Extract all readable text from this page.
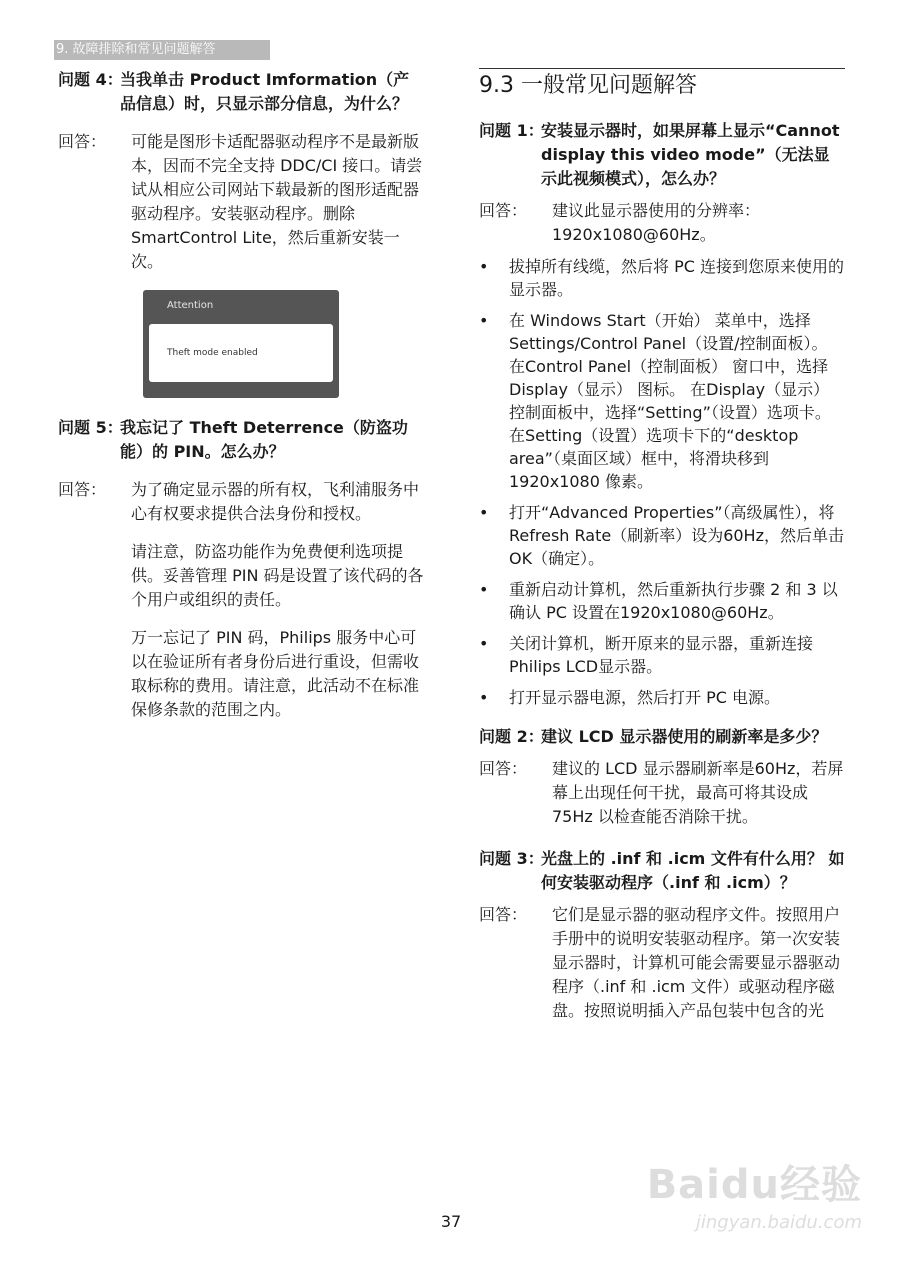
9. 故障排除和常见问题解答
问题 4：
当我单击 Product Imformation（产品信息）时，只显示部分信息，为什么？
回答：	可能是图形卡适配器驱动程序不是最新版本，因而不完全支持 DDC/CI 接口。请尝试从相应公司网站下载最新的图形适配器驱动程序。安装驱动程序。删除 SmartControl Lite，然后重新安装一次。
Attention
Theft mode enabled
问题 5：
我忘记了 Theft Deterrence（防盗功能）的 PIN。怎么办？
回答：	为了确定显示器的所有权，飞利浦服务中心有权要求提供合法身份和授权。
请注意，防盗功能作为免费便利选项提供。妥善管理 PIN 码是设置了该代码的各个用户或组织的责任。
万一忘记了 PIN 码，Philips 服务中心可以在验证所有者身份后进行重设，但需收取标称的费用。请注意，此活动不在标准保修条款的范围之内。
9.3 一般常见问题解答
问题 1：
安装显示器时，如果屏幕上显示“Cannot display this video mode”（无法显示此视频模式），怎么办？
回答：	建议此显示器使用的分辨率：1920x1080@60Hz。
• 拔掉所有线缆，然后将 PC 连接到您原来使用的显示器。
• 在 Windows Start（开始） 菜单中，选择Settings/Control Panel（设置/控制面板）。 在Control Panel（控制面板） 窗口中，选择Display（显示） 图标。 在Display（显示） 控制面板中，选择“Setting”（设置）选项卡。 在Setting（设置）选项卡下的“desktop area”（桌面区域）框中，将滑块移到1920x1080 像素。
• 打开“Advanced Properties”（高级属性），将Refresh Rate（刷新率）设为60Hz，然后单击OK（确定）。
• 重新启动计算机，然后重新执行步骤 2 和 3 以确认 PC 设置在1920x1080@60Hz。
• 关闭计算机，断开原来的显示器，重新连接 Philips LCD显示器。
• 打开显示器电源，然后打开 PC 电源。
问题 2：
建议 LCD 显示器使用的刷新率是多少？
回答：	建议的 LCD 显示器刷新率是60Hz，若屏幕上出现任何干扰，最高可将其设成 75Hz 以检查能否消除干扰。
问题 3：
光盘上的 .inf 和 .icm 文件有什么用？ 如何安装驱动程序（.inf 和 .icm）？
回答：	它们是显示器的驱动程序文件。按照用户手册中的说明安装驱动程序。第一次安装显示器时，计算机可能会需要显示器驱动程序（.inf 和 .icm 文件）或驱动程序磁盘。按照说明插入产品包装中包含的光
37
Baidu经验
jingyan.baidu.com
